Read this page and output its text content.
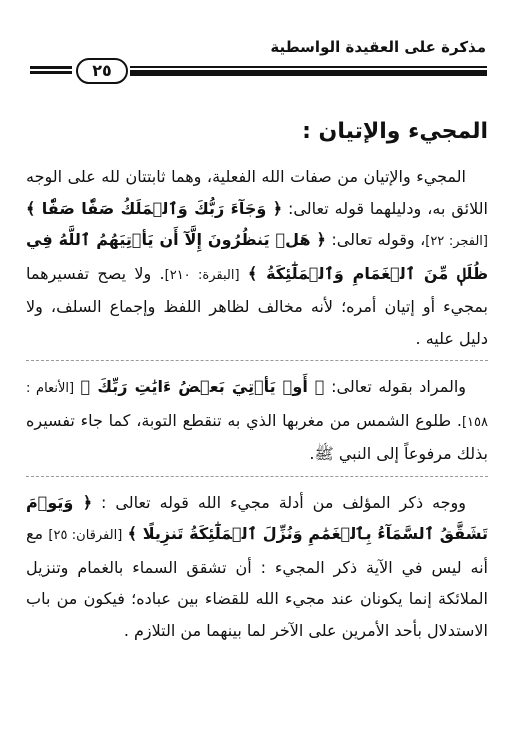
مذكرة على العقيدة الواسطية
٢٥
المجيء والإتيان :

المجيء والإتيان من صفات الله الفعلية، وهما ثابتتان لله على الوجه اللائق به، ودليلهما قوله تعالى: ﴿ وَجَآءَ رَبُّكَ وَٱلۡمَلَكُ صَفّٗا صَفّٗا ﴾ [الفجر: ٢٢]، وقوله تعالى: ﴿ هَلۡ يَنظُرُونَ إِلَّآ أَن يَأۡتِيَهُمُ ٱللَّهُ فِي ظُلَلٖ مِّنَ ٱلۡغَمَامِ وَٱلۡمَلَٰٓئِكَةُ ﴾ [البقرة: ٢١٠]. ولا يصح تفسيرهما بمجيء أو إتيان أمره؛ لأنه مخالف لظاهر اللفظ وإجماع السلف، ولا دليل عليه .

والمراد بقوله تعالى: ﴿ أَوۡ يَأۡتِيَ بَعۡضُ ءَايَٰتِ رَبِّكَ ﴾ [الأنعام : ١٥٨]. طلوع الشمس من مغربها الذي به تنقطع التوبة، كما جاء تفسيره بذلك مرفوعاً إلى النبي ﷺ.

ووجه ذكر المؤلف من أدلة مجيء الله قوله تعالى : ﴿ وَيَوۡمَ تَشَقَّقُ ٱلسَّمَآءُ بِٱلۡغَمَٰمِ وَنُزِّلَ ٱلۡمَلَٰٓئِكَةُ تَنزِيلًا ﴾ [الفرقان: ٢٥] مع أنه ليس في الآية ذكر المجيء : أن تشقق السماء بالغمام وتنزيل الملائكة إنما يكونان عند مجيء الله للقضاء بين عباده؛ فيكون من باب الاستدلال بأحد الأمرين على الآخر لما بينهما من التلازم .
